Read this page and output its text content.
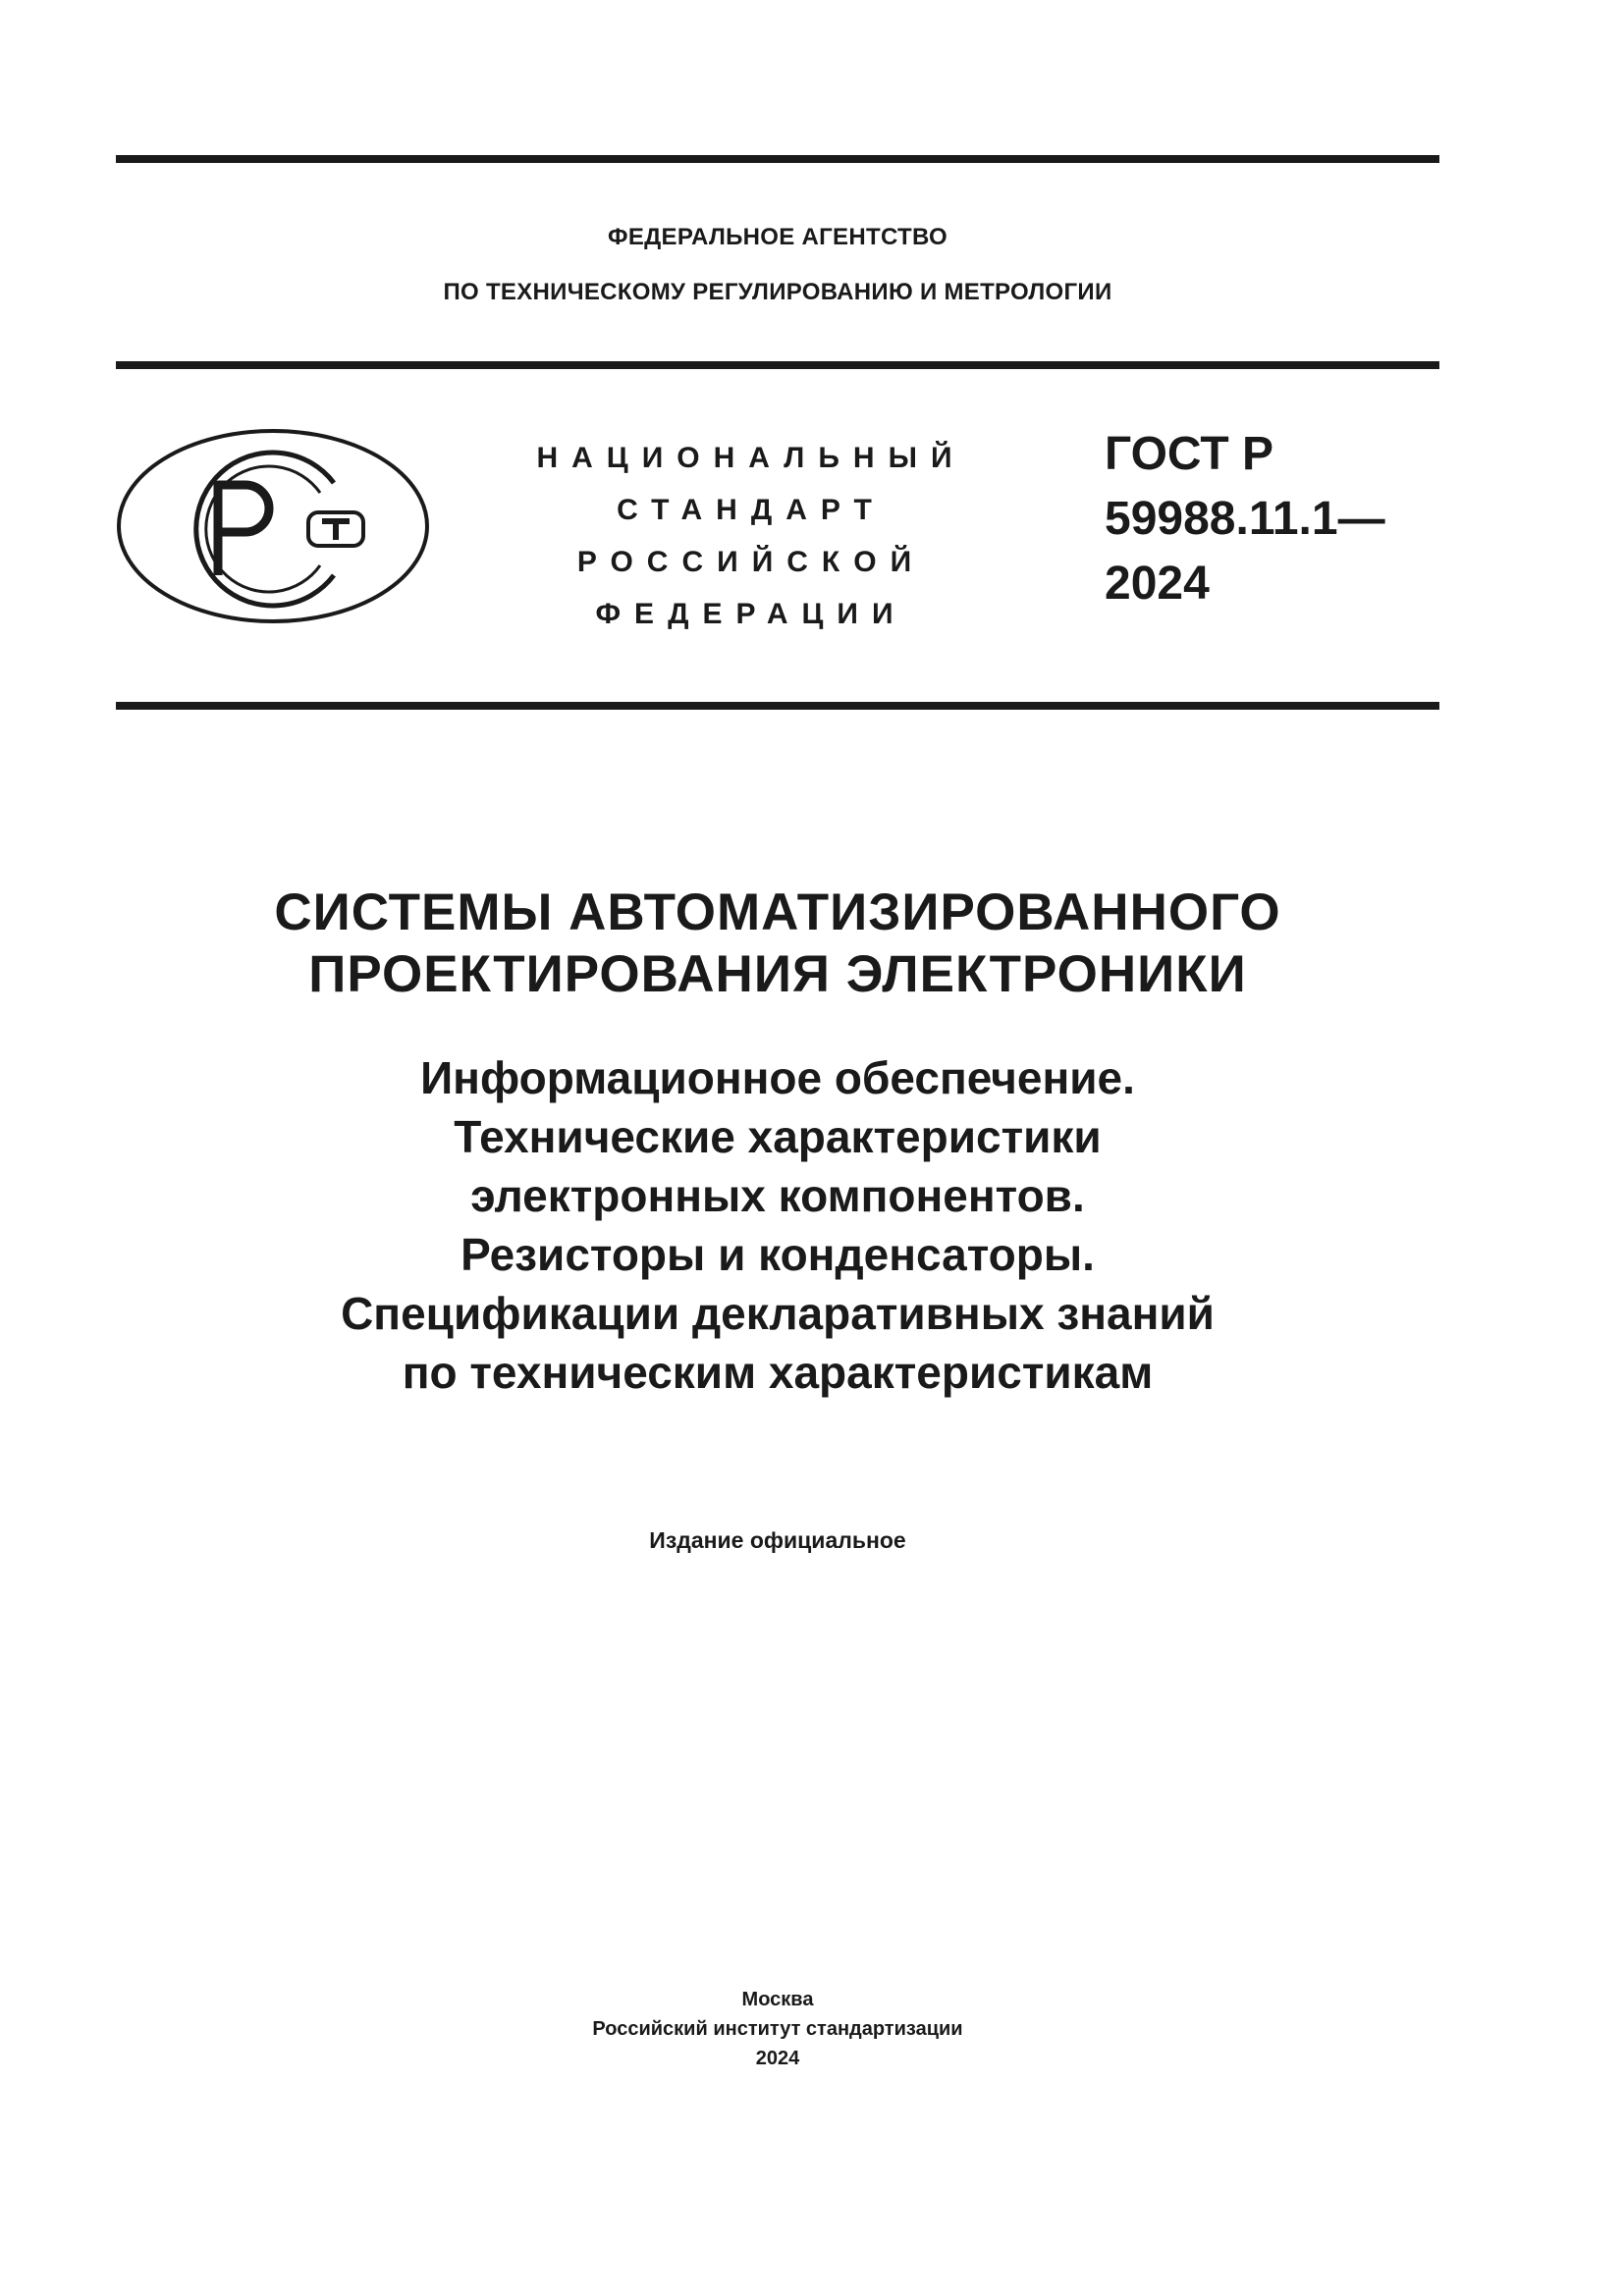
ФЕДЕРАЛЬНОЕ АГЕНТСТВО
ПО ТЕХНИЧЕСКОМУ РЕГУЛИРОВАНИЮ И МЕТРОЛОГИИ
НАЦИОНАЛЬНЫЙ
СТАНДАРТ
РОССИЙСКОЙ
ФЕДЕРАЦИИ
ГОСТ Р
59988.11.1—
2024
СИСТЕМЫ АВТОМАТИЗИРОВАННОГО
ПРОЕКТИРОВАНИЯ ЭЛЕКТРОНИКИ
Информационное обеспечение.
Технические характеристики
электронных компонентов.
Резисторы и конденсаторы.
Спецификации декларативных знаний
по техническим характеристикам
Издание официальное
Москва
Российский институт стандартизации
2024
